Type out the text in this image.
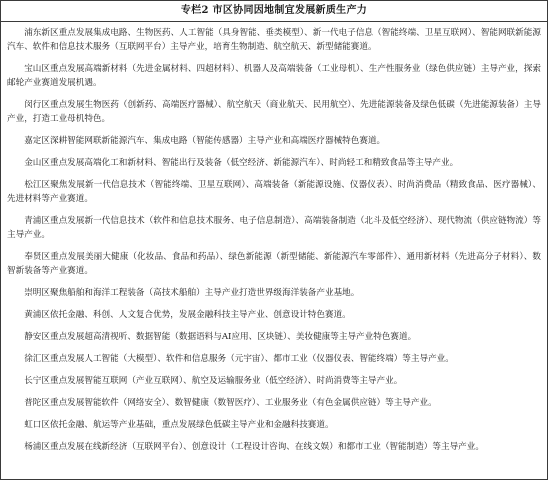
专栏2 市区协同因地制宜发展新质生产力

浦东新区重点发展集成电路、生物医药、人工智能（具身智能、垂类模型）、新一代电子信息（智能终端、卫星互联网）、智能网联新能源汽车、软件和信息技术服务（互联网平台）主导产业，培育生物制造、航空航天、新型储能赛道。

宝山区重点发展高端新材料（先进金属材料、四超材料）、机器人及高端装备（工业母机）、生产性服务业（绿色供应链）主导产业，探索邮轮产业赛道发展机遇。

闵行区重点发展生物医药（创新药、高端医疗器械）、航空航天（商业航天、民用航空）、先进能源装备及绿色低碳（先进能源装备）主导产业，打造工业母机特色。

嘉定区深耕智能网联新能源汽车、集成电路（智能传感器）主导产业和高端医疗器械特色赛道。

金山区重点发展高端化工和新材料、智能出行及装备（低空经济、新能源汽车）、时尚轻工和精致食品等主导产业。

松江区聚焦发展新一代信息技术（智能终端、卫星互联网）、高端装备（新能源设施、仪器仪表）、时尚消费品（精致食品、医疗器械）、先进材料等产业赛道。

青浦区重点发展新一代信息技术（软件和信息技术服务、电子信息制造）、高端装备制造（北斗及低空经济）、现代物流（供应链物流）等主导产业。

奉贤区重点发展美丽大健康（化妆品、食品和药品）、绿色新能源（新型储能、新能源汽车零部件）、通用新材料（先进高分子材料）、数智新装备等产业赛道。

崇明区聚焦船舶和海洋工程装备（高技术船舶）主导产业打造世界级海洋装备产业基地。

黄浦区依托金融、科创、人文复合优势，发展金融科技主导产业、创意设计特色赛道。

静安区重点发展超高清视听、数据智能（数据语料与AI应用、区块链）、美妆健康等主导产业特色赛道。

徐汇区重点发展人工智能（大模型）、软件和信息服务（元宇宙）、都市工业（仪器仪表、智能终端）等主导产业。

长宁区重点发展智能互联网（产业互联网）、航空及运输服务业（低空经济）、时尚消费等主导产业。

普陀区重点发展智能软件（网络安全）、数智健康（数智医疗）、工业服务业（有色金属供应链）等主导产业。

虹口区依托金融、航运等产业基础，重点发展绿色低碳主导产业和金融科技赛道。

杨浦区重点发展在线新经济（互联网平台）、创意设计（工程设计咨询、在线文娱）和都市工业（智能制造）等主导产业。
